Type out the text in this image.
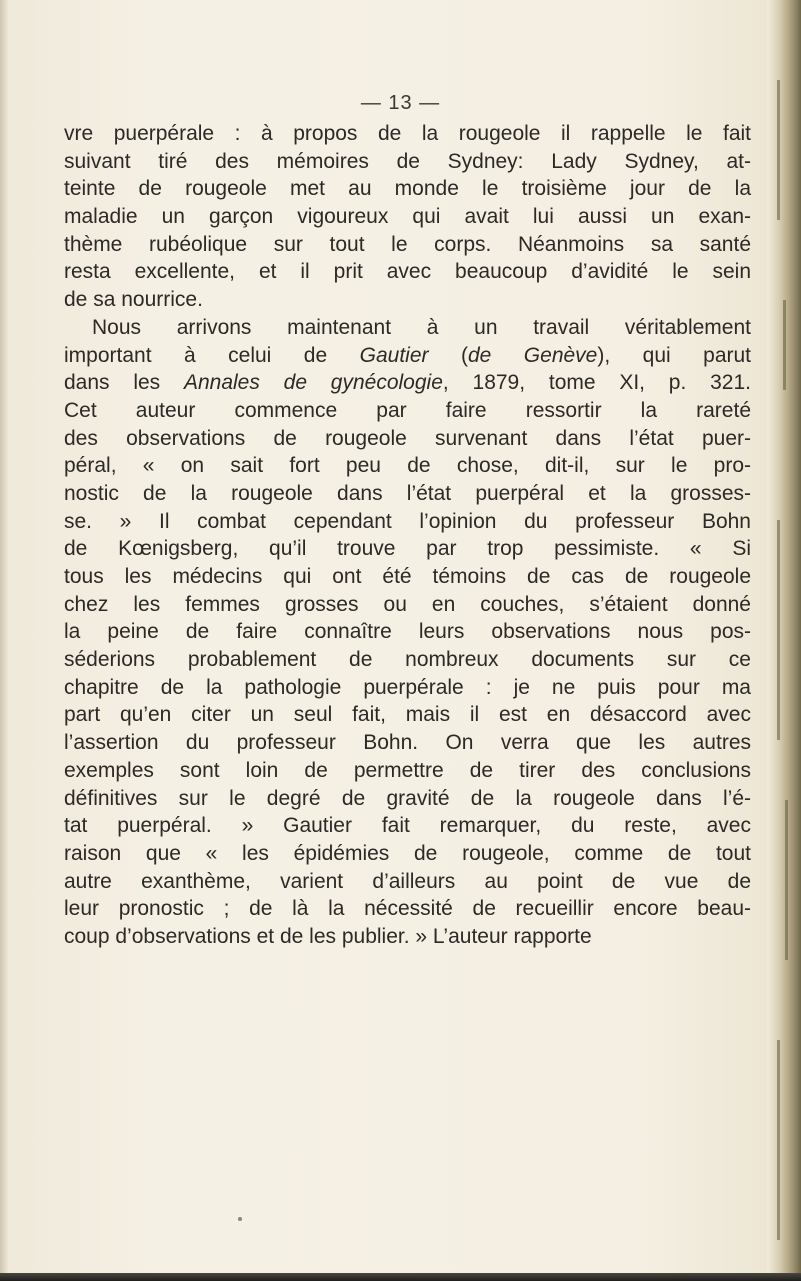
— 13 —
vre puerpérale : à propos de la rougeole il rappelle le fait
suivant tiré des mémoires de Sydney: Lady Sydney, at-
teinte de rougeole met au monde le troisième jour de la
maladie un garçon vigoureux qui avait lui aussi un exan-
thème rubéolique sur tout le corps. Néanmoins sa santé
resta excellente, et il prit avec beaucoup d’avidité le sein
de sa nourrice.
Nous arrivons maintenant à un travail véritablement
important à celui de Gautier (de Genève), qui parut
dans les Annales de gynécologie, 1879, tome XI, p. 321.
Cet auteur commence par faire ressortir la rareté
des observations de rougeole survenant dans l’état puer-
péral, « on sait fort peu de chose, dit-il, sur le pro-
nostic de la rougeole dans l’état puerpéral et la grosses-
se. » Il combat cependant l’opinion du professeur Bohn
de Kœnigsberg, qu’il trouve par trop pessimiste. « Si
tous les médecins qui ont été témoins de cas de rougeole
chez les femmes grosses ou en couches, s’étaient donné
la peine de faire connaître leurs observations nous pos-
séderions probablement de nombreux documents sur ce
chapitre de la pathologie puerpérale : je ne puis pour ma
part qu’en citer un seul fait, mais il est en désaccord avec
l’assertion du professeur Bohn. On verra que les autres
exemples sont loin de permettre de tirer des conclusions
définitives sur le degré de gravité de la rougeole dans l’é-
tat puerpéral. » Gautier fait remarquer, du reste, avec
raison que « les épidémies de rougeole, comme de tout
autre exanthème, varient d’ailleurs au point de vue de
leur pronostic ; de là la nécessité de recueillir encore beau-
coup d’observations et de les publier. » L’auteur rapporte
